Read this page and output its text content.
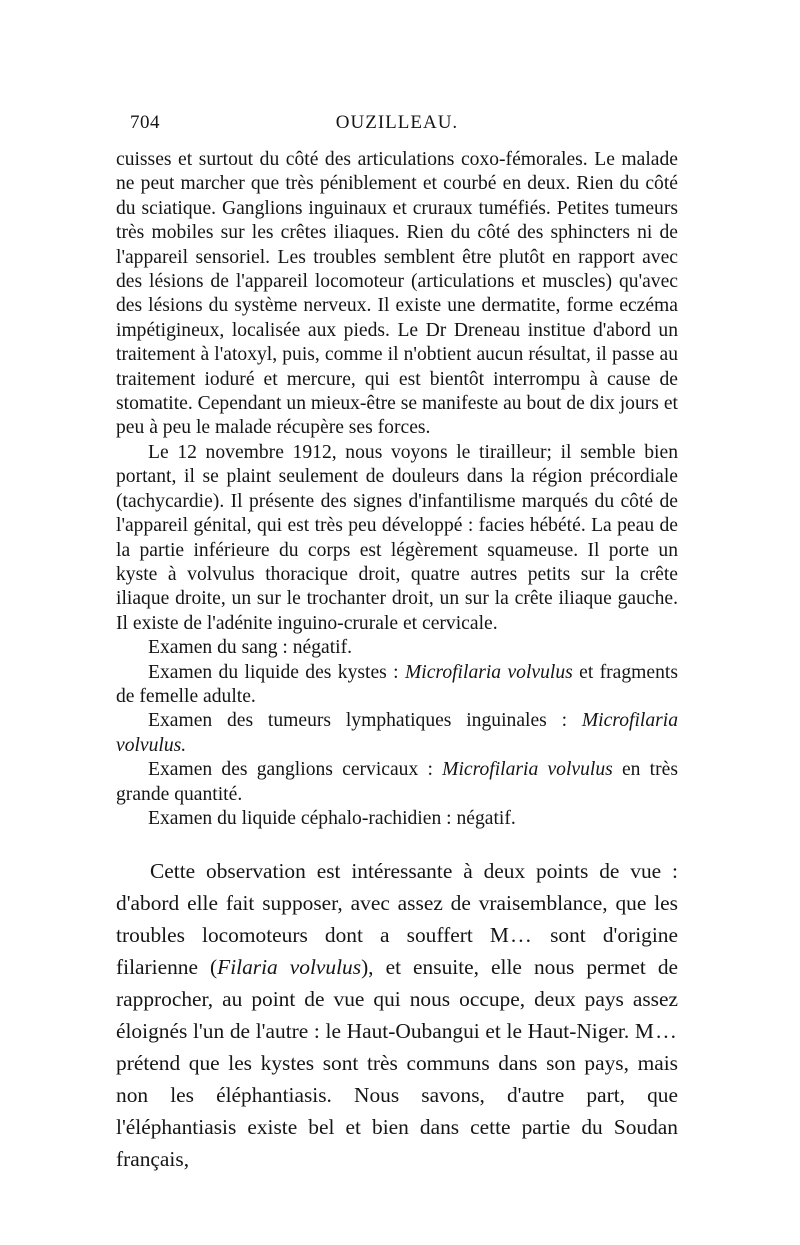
704	OUZILLEAU.

cuisses et surtout du côté des articulations coxo-fémorales. Le malade ne peut marcher que très péniblement et courbé en deux. Rien du côté du sciatique. Ganglions inguinaux et cruraux tuméfiés. Petites tumeurs très mobiles sur les crêtes iliaques. Rien du côté des sphincters ni de l'appareil sensoriel. Les troubles semblent être plutôt en rapport avec des lésions de l'appareil locomoteur (articulations et muscles) qu'avec des lésions du système nerveux. Il existe une dermatite, forme eczéma impétigineux, localisée aux pieds. Le Dr Dreneau institue d'abord un traitement à l'atoxyl, puis, comme il n'obtient aucun résultat, il passe au traitement ioduré et mercure, qui est bientôt interrompu à cause de stomatite. Cependant un mieux-être se manifeste au bout de dix jours et peu à peu le malade récupère ses forces.

Le 12 novembre 1912, nous voyons le tirailleur; il semble bien portant, il se plaint seulement de douleurs dans la région précordiale (tachycardie). Il présente des signes d'infantilisme marqués du côté de l'appareil génital, qui est très peu développé : facies hébété. La peau de la partie inférieure du corps est légèrement squameuse. Il porte un kyste à volvulus thoracique droit, quatre autres petits sur la crête iliaque droite, un sur le trochanter droit, un sur la crête iliaque gauche. Il existe de l'adénite inguino-crurale et cervicale.

Examen du sang : négatif.

Examen du liquide des kystes : Microfilaria volvulus et fragments de femelle adulte.

Examen des tumeurs lymphatiques inguinales : Microfilaria volvulus.

Examen des ganglions cervicaux : Microfilaria volvulus en très grande quantité.

Examen du liquide céphalo-rachidien : négatif.

Cette observation est intéressante à deux points de vue : d'abord elle fait supposer, avec assez de vraisemblance, que les troubles locomoteurs dont a souffert M... sont d'origine filarienne (Filaria volvulus), et ensuite, elle nous permet de rapprocher, au point de vue qui nous occupe, deux pays assez éloignés l'un de l'autre : le Haut-Oubangui et le Haut-Niger. M... prétend que les kystes sont très communs dans son pays, mais non les éléphantiasis. Nous savons, d'autre part, que l'éléphantiasis existe bel et bien dans cette partie du Soudan français,
